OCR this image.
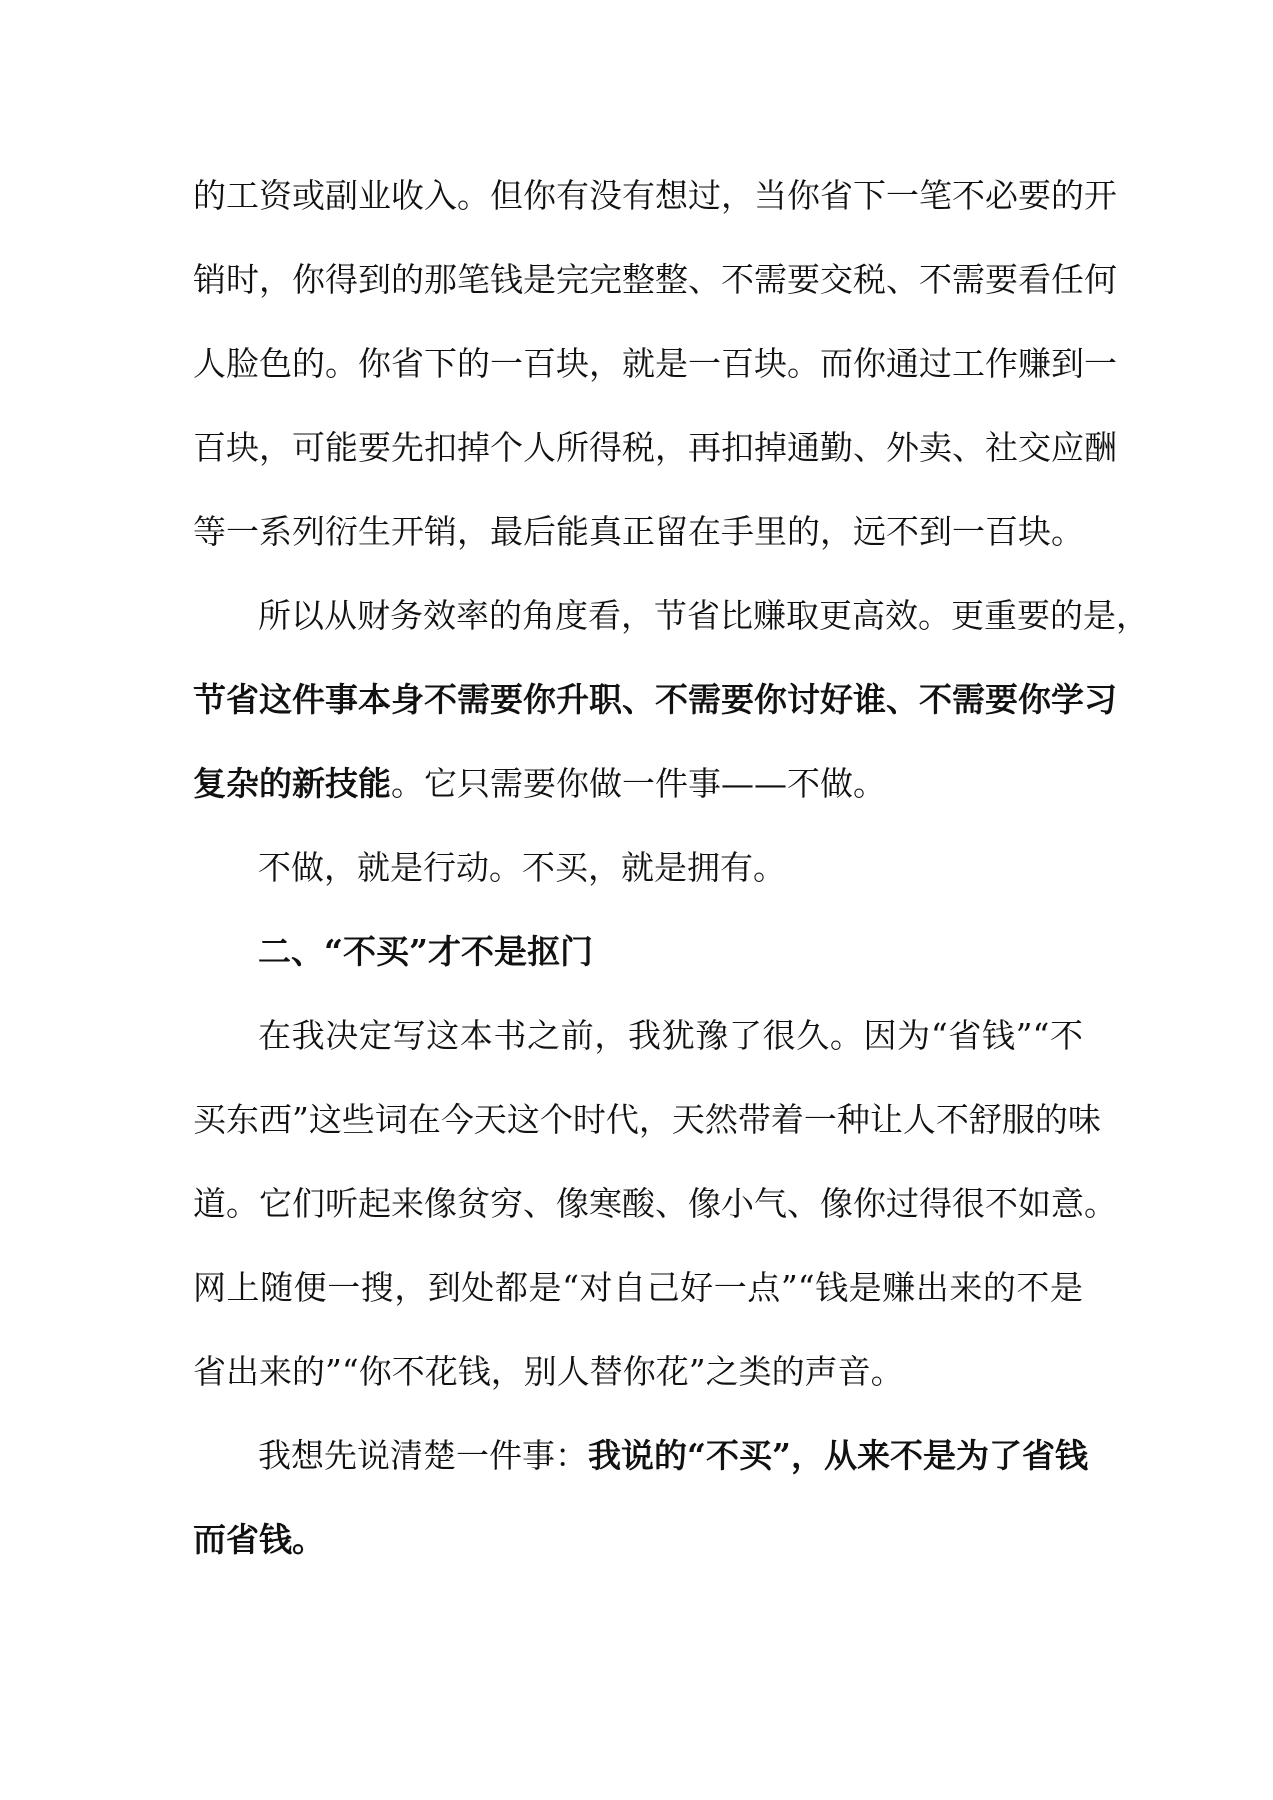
的工资或副业收入。但你有没有想过，当你省下一笔不必要的开
销时，你得到的那笔钱是完完整整、不需要交税、不需要看任何
人脸色的。你省下的一百块，就是一百块。而你通过工作赚到一
百块，可能要先扣掉个人所得税，再扣掉通勤、外卖、社交应酬
等一系列衍生开销，最后能真正留在手里的，远不到一百块。
所以从财务效率的角度看，节省比赚取更高效。更重要的是，
节省这件事本身不需要你升职、不需要你讨好谁、不需要你学习
复杂的新技能。它只需要你做一件事——不做。
不做，就是行动。不买，就是拥有。
二、“不买”才不是抠门
在我决定写这本书之前，我犹豫了很久。因为“省钱”“不
买东西”这些词在今天这个时代，天然带着一种让人不舒服的味
道。它们听起来像贫穷、像寒酸、像小气、像你过得很不如意。
网上随便一搜，到处都是“对自己好一点”“钱是赚出来的不是
省出来的”“你不花钱，别人替你花”之类的声音。
我想先说清楚一件事：我说的“不买”，从来不是为了省钱
而省钱。
